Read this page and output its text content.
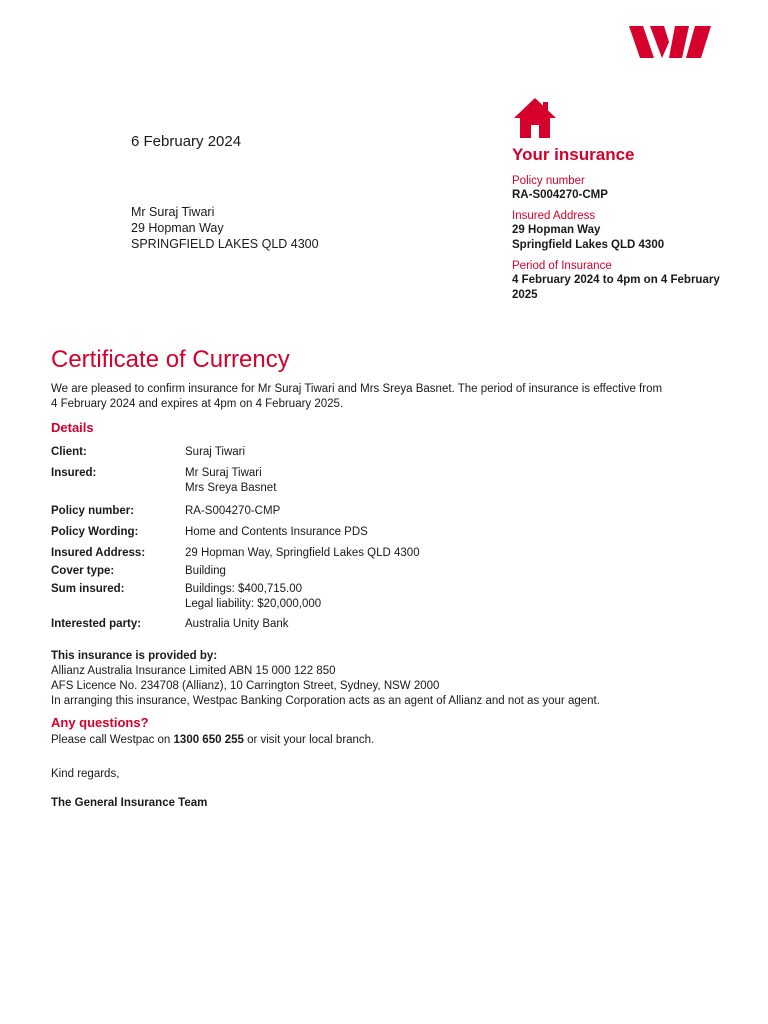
6 February 2024
Mr Suraj Tiwari
29 Hopman Way
SPRINGFIELD LAKES QLD 4300
Your insurance
Policy number
RA-S004270-CMP
Insured Address
29 Hopman Way
Springfield Lakes QLD 4300
Period of Insurance
4 February 2024 to 4pm on 4 February
2025
Certificate of Currency
We are pleased to confirm insurance for Mr Suraj Tiwari and Mrs Sreya Basnet. The period of insurance is effective from
4 February 2024 and expires at 4pm on 4 February 2025.
Details
Client:	Suraj Tiwari
Insured:	Mr Suraj Tiwari
Mrs Sreya Basnet
Policy number:	RA-S004270-CMP
Policy Wording:	Home and Contents Insurance PDS
Insured Address:	29 Hopman Way, Springfield Lakes QLD 4300
Cover type:	Building
Sum insured:	Buildings: $400,715.00
Legal liability: $20,000,000
Interested party:	Australia Unity Bank
This insurance is provided by:
Allianz Australia Insurance Limited ABN 15 000 122 850
AFS Licence No. 234708 (Allianz), 10 Carrington Street, Sydney, NSW 2000
In arranging this insurance, Westpac Banking Corporation acts as an agent of Allianz and not as your agent.
Any questions?
Please call Westpac on 1300 650 255 or visit your local branch.
Kind regards,
The General Insurance Team
